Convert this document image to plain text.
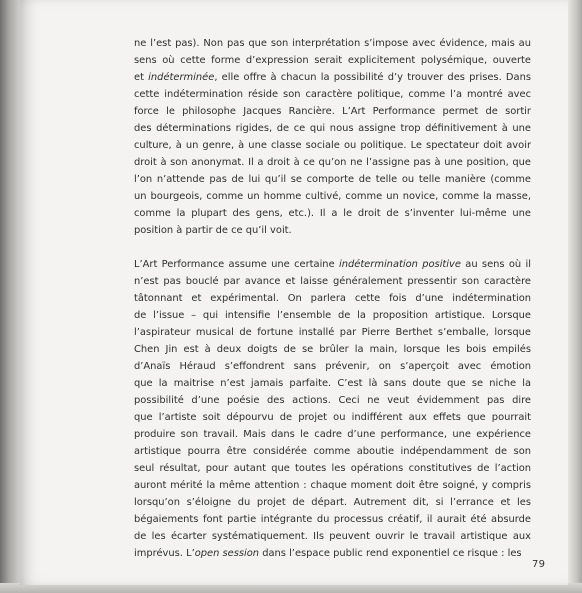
ne l’est pas). Non pas que son interprétation s’impose avec évidence, mais au
sens où cette forme d’expression serait explicitement polysémique, ouverte
et indéterminée, elle offre à chacun la possibilité d’y trouver des prises. Dans
cette indétermination réside son caractère politique, comme l’a montré avec
force le philosophe Jacques Rancière. L’Art Performance permet de sortir
des déterminations rigides, de ce qui nous assigne trop définitivement à une
culture, à un genre, à une classe sociale ou politique. Le spectateur doit avoir
droit à son anonymat. Il a droit à ce qu’on ne l’assigne pas à une position, que
l’on n’attende pas de lui qu’il se comporte de telle ou telle manière (comme
un bourgeois, comme un homme cultivé, comme un novice, comme la masse,
comme la plupart des gens, etc.). Il a le droit de s’inventer lui-même une
position à partir de ce qu’il voit.
L’Art Performance assume une certaine indétermination positive au sens où il
n’est pas bouclé par avance et laisse généralement pressentir son caractère
tâtonnant et expérimental. On parlera cette fois d’une indétermination
de l’issue – qui intensifie l’ensemble de la proposition artistique. Lorsque
l’aspirateur musical de fortune installé par Pierre Berthet s’emballe, lorsque
Chen Jin est à deux doigts de se brûler la main, lorsque les bois empilés
d’Anaïs Héraud s’effondrent sans prévenir, on s’aperçoit avec émotion
que la maitrise n’est jamais parfaite. C’est là sans doute que se niche la
possibilité d’une poésie des actions. Ceci ne veut évidemment pas dire
que l’artiste soit dépourvu de projet ou indifférent aux effets que pourrait
produire son travail. Mais dans le cadre d’une performance, une expérience
artistique pourra être considérée comme aboutie indépendamment de son
seul résultat, pour autant que toutes les opérations constitutives de l’action
auront mérité la même attention : chaque moment doit être soigné, y compris
lorsqu’on s’éloigne du projet de départ. Autrement dit, si l’errance et les
bégaiements font partie intégrante du processus créatif, il aurait été absurde
de les écarter systématiquement. Ils peuvent ouvrir le travail artistique aux
imprévus. L’open session dans l’espace public rend exponentiel ce risque : les
79
